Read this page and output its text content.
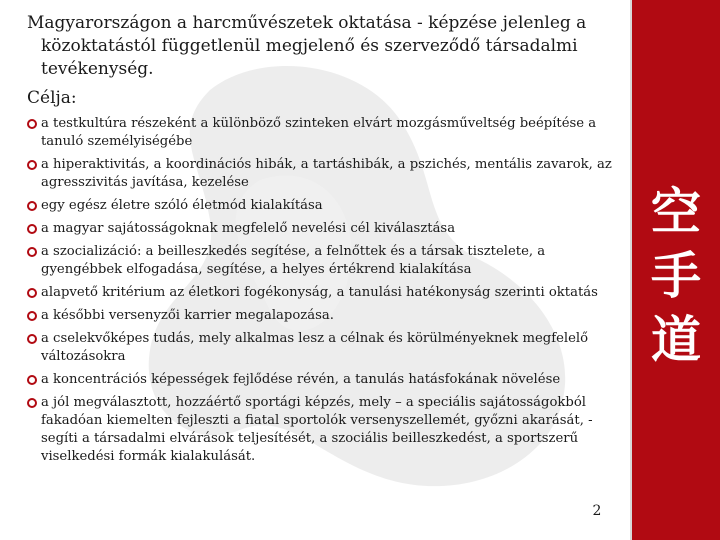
空
手
道

Magyarországon a harcművészetek oktatása - képzése jelenleg a közoktatástól függetlenül megjelenő és szerveződő társadalmi tevékenység.

Célja:

a testkultúra részeként a különböző szinteken elvárt mozgásműveltség beépítése a tanuló személyiségébe
a hiperaktivitás, a koordinációs hibák, a tartáshibák, a pszichés, mentális zavarok, az agresszivitás javítása, kezelése
egy egész életre szóló életmód kialakítása
a magyar sajátosságoknak megfelelő nevelési cél kiválasztása
a szocializáció: a beilleszkedés segítése, a felnőttek és a társak tisztelete, a gyengébbek elfogadása, segítése, a helyes értékrend kialakítása
alapvető kritérium az életkori fogékonyság, a tanulási hatékonyság szerinti oktatás
a későbbi versenyzői karrier megalapozása.
a cselekvőképes tudás, mely alkalmas lesz a célnak és körülményeknek megfelelő változásokra
a koncentrációs képességek fejlődése révén, a tanulás hatásfokának növelése
a jól megválasztott, hozzáértő sportági képzés, mely – a speciális sajátosságokból fakadóan kiemelten fejleszti a fiatal sportolók versenyszellemét, győzni akarását, - segíti a társadalmi elvárások teljesítését, a szociális beilleszkedést, a sportszerű viselkedési formák kialakulását.
2
